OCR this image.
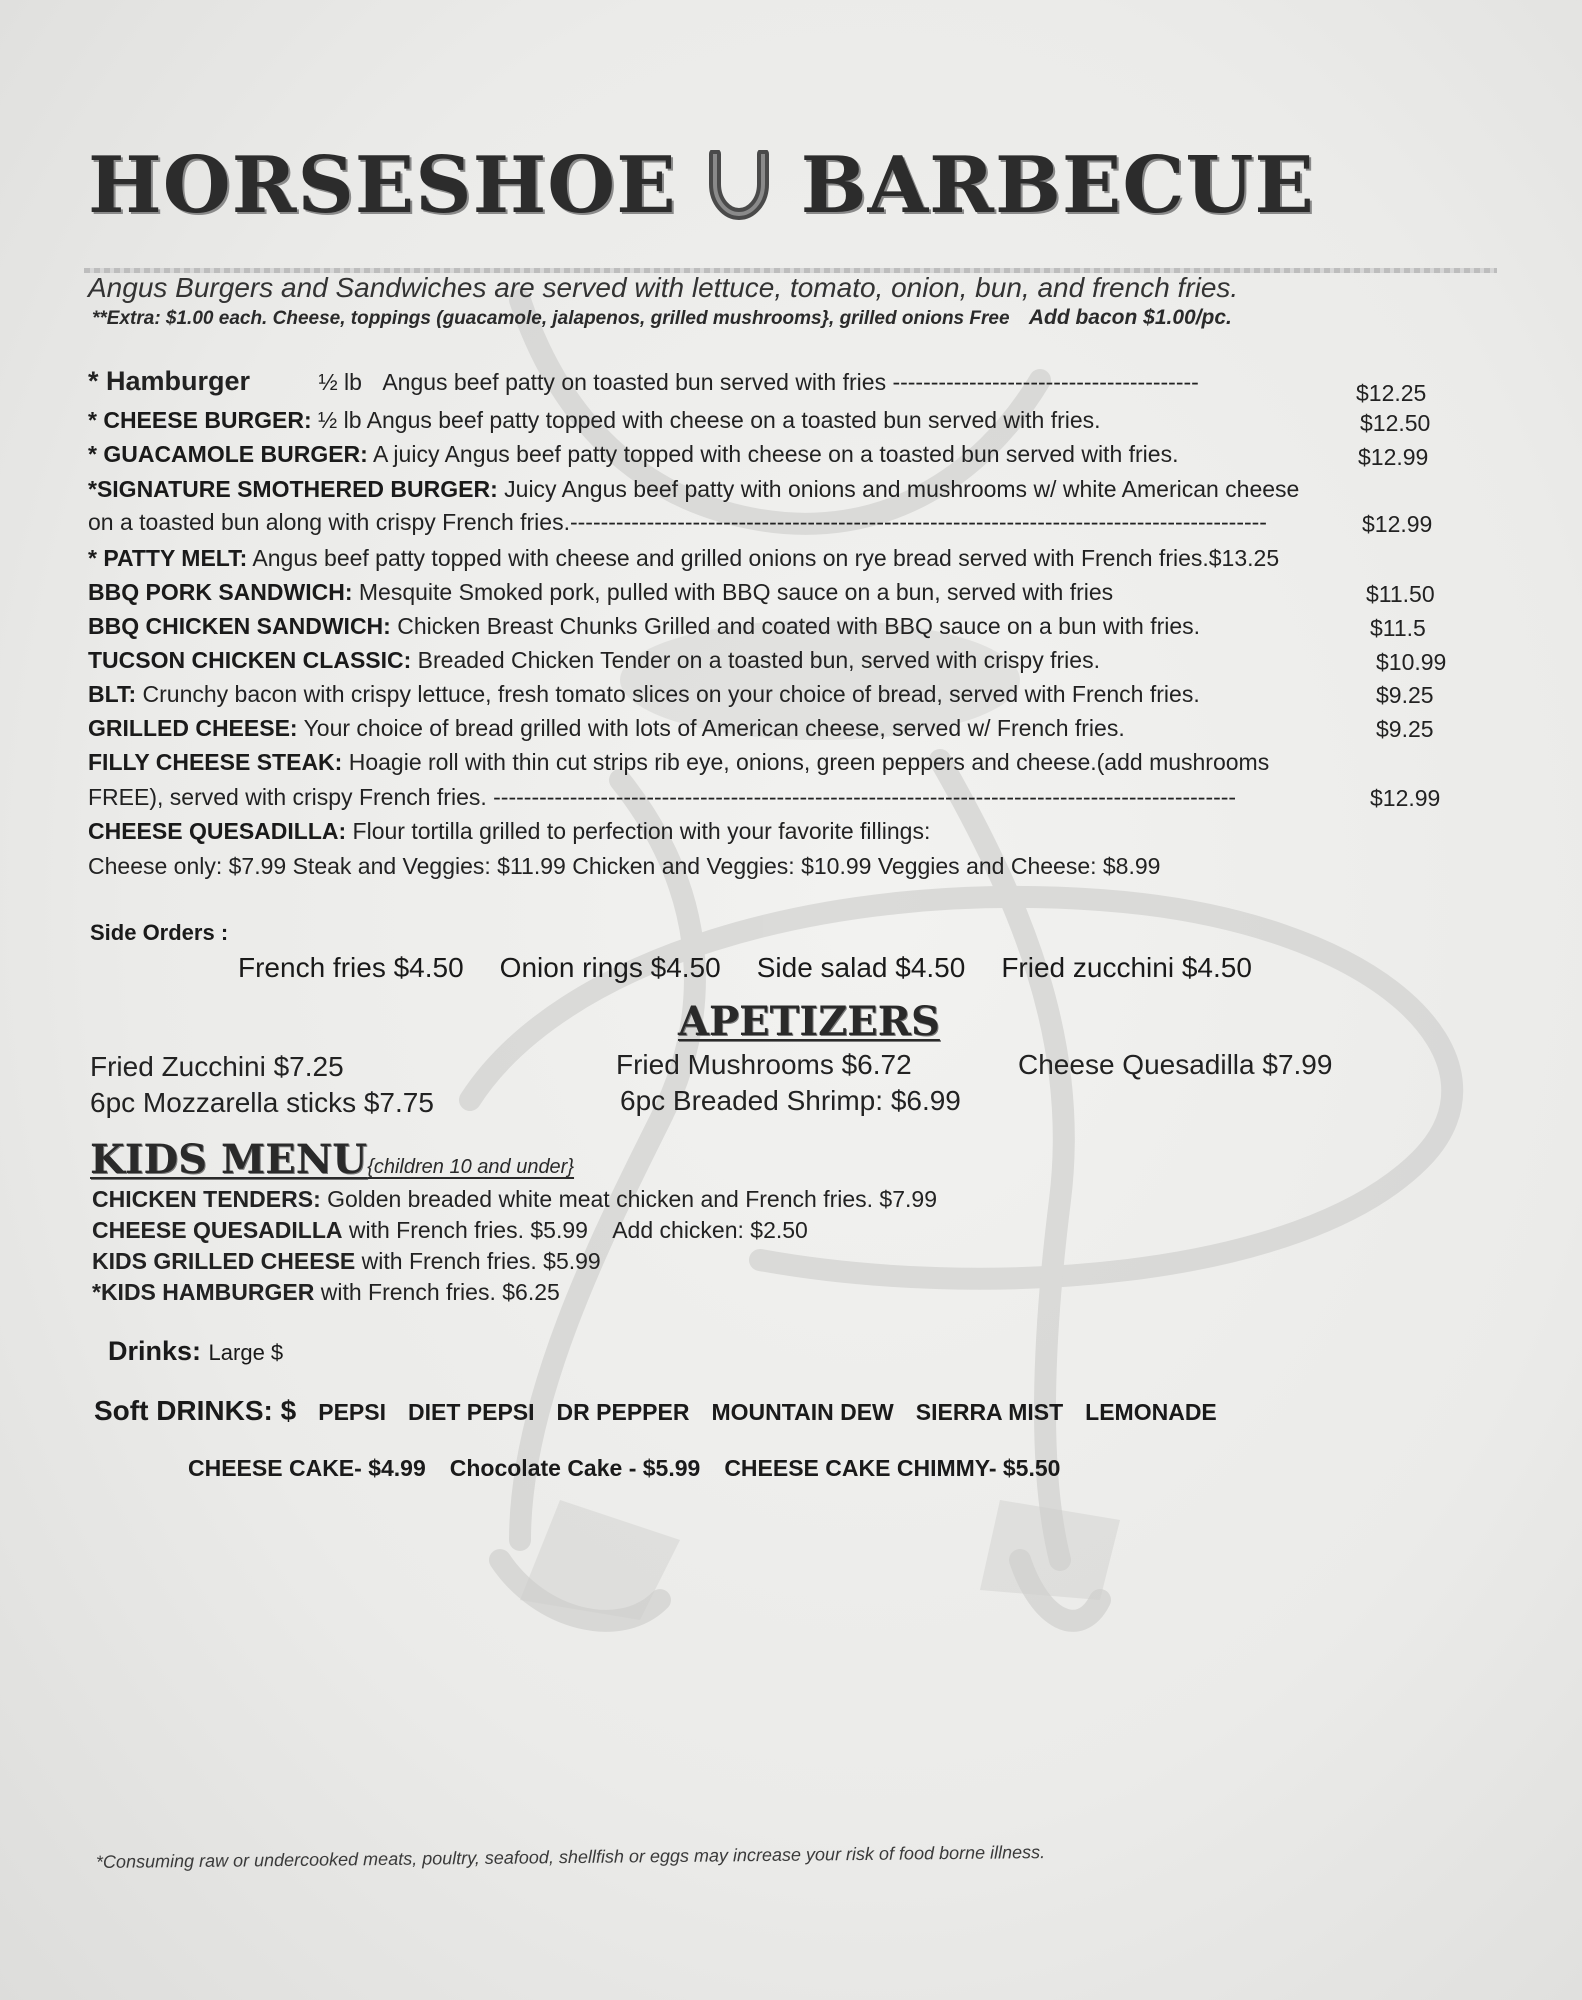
HORSESHOE BARBECUE
Angus Burgers and Sandwiches are served with lettuce, tomato, onion, bun, and french fries.
**Extra: $1.00 each. Cheese, toppings (guacamole, jalapenos, grilled mushrooms}, grilled onions Free Add bacon $1.00/pc.
* Hamburger	½ lb Angus beef patty on toasted bun served with fries ----------------------------------------	$12.25
* CHEESE BURGER: ½ lb Angus beef patty topped with cheese on a toasted bun served with fries.	$12.50
* GUACAMOLE BURGER: A juicy Angus beef patty topped with cheese on a toasted bun served with fries.	$12.99
*SIGNATURE SMOTHERED BURGER: Juicy Angus beef patty with onions and mushrooms w/ white American cheese
on a toasted bun along with crispy French fries.-------------------------------------------------------------------------------------------	$12.99
* PATTY MELT: Angus beef patty topped with cheese and grilled onions on rye bread served with French fries.$13.25
BBQ PORK SANDWICH: Mesquite Smoked pork, pulled with BBQ sauce on a bun, served with fries	$11.50
BBQ CHICKEN SANDWICH: Chicken Breast Chunks Grilled and coated with BBQ sauce on a bun with fries.	$11.5
TUCSON CHICKEN CLASSIC: Breaded Chicken Tender on a toasted bun, served with crispy fries.	$10.99
BLT: Crunchy bacon with crispy lettuce, fresh tomato slices on your choice of bread, served with French fries.	$9.25
GRILLED CHEESE: Your choice of bread grilled with lots of American cheese, served w/ French fries.	$9.25
FILLY CHEESE STEAK: Hoagie roll with thin cut strips rib eye, onions, green peppers and cheese.(add mushrooms
FREE), served with crispy French fries. -------------------------------------------------------------------------------------------------	$12.99
CHEESE QUESADILLA: Flour tortilla grilled to perfection with your favorite fillings:
Cheese only: $7.99 Steak and Veggies: $11.99 Chicken and Veggies: $10.99 Veggies and Cheese: $8.99
Side Orders :
French fries $4.50 Onion rings $4.50 Side salad $4.50 Fried zucchini $4.50
APETIZERS
Fried Zucchini $7.25
6pc Mozzarella sticks $7.75
Fried Mushrooms $6.72
6pc Breaded Shrimp: $6.99
Cheese Quesadilla $7.99
KIDS MENU{children 10 and under}
CHICKEN TENDERS: Golden breaded white meat chicken and French fries. $7.99
CHEESE QUESADILLA with French fries. $5.99    Add chicken: $2.50
KIDS GRILLED CHEESE with French fries. $5.99
*KIDS HAMBURGER with French fries. $6.25
Drinks: Large $
Soft DRINKS: $ PEPSI DIET PEPSI DR PEPPER MOUNTAIN DEW SIERRA MIST LEMONADE
CHEESE CAKE- $4.99 Chocolate Cake - $5.99 CHEESE CAKE CHIMMY- $5.50
*Consuming raw or undercooked meats, poultry, seafood, shellfish or eggs may increase your risk of food borne illness.
